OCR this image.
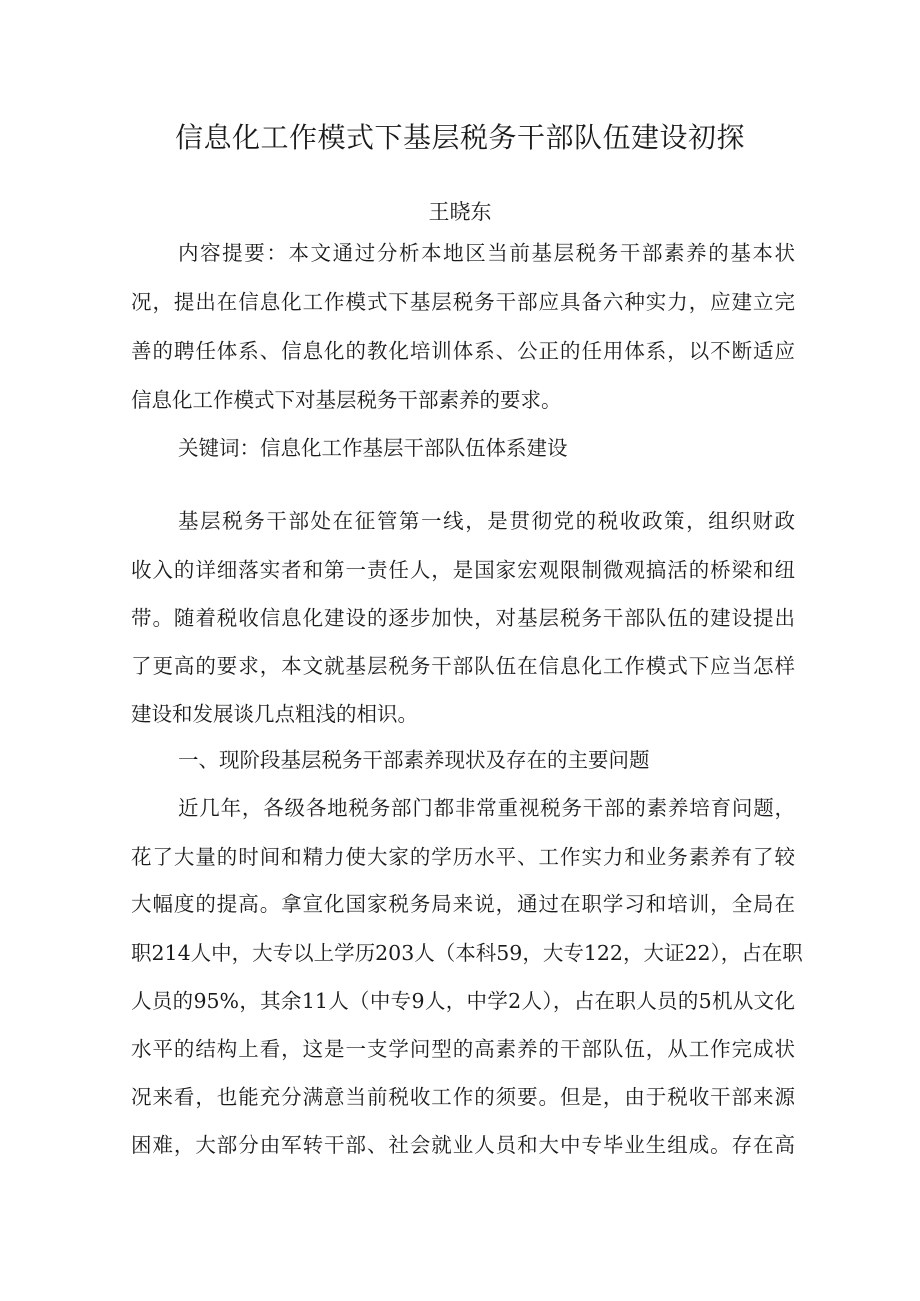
信息化工作模式下基层税务干部队伍建设初探
王晓东
内容提要：本文通过分析本地区当前基层税务干部素养的基本状
况，提出在信息化工作模式下基层税务干部应具备六种实力，应建立完
善的聘任体系、信息化的教化培训体系、公正的任用体系，以不断适应
信息化工作模式下对基层税务干部素养的要求。
关键词：信息化工作基层干部队伍体系建设
基层税务干部处在征管第一线，是贯彻党的税收政策，组织财政
收入的详细落实者和第一责任人，是国家宏观限制微观搞活的桥梁和纽
带。随着税收信息化建设的逐步加快，对基层税务干部队伍的建设提出
了更高的要求，本文就基层税务干部队伍在信息化工作模式下应当怎样
建设和发展谈几点粗浅的相识。
一、现阶段基层税务干部素养现状及存在的主要问题
近几年，各级各地税务部门都非常重视税务干部的素养培育问题，
花了大量的时间和精力使大家的学历水平、工作实力和业务素养有了较
大幅度的提高。拿宣化国家税务局来说，通过在职学习和培训，全局在
职214人中，大专以上学历203人（本科59，大专122，大证22），占在职
人员的95%，其余11人（中专9人，中学2人），占在职人员的5机从文化
水平的结构上看，这是一支学问型的高素养的干部队伍，从工作完成状
况来看，也能充分满意当前税收工作的须要。但是，由于税收干部来源
困难，大部分由军转干部、社会就业人员和大中专毕业生组成。存在高
